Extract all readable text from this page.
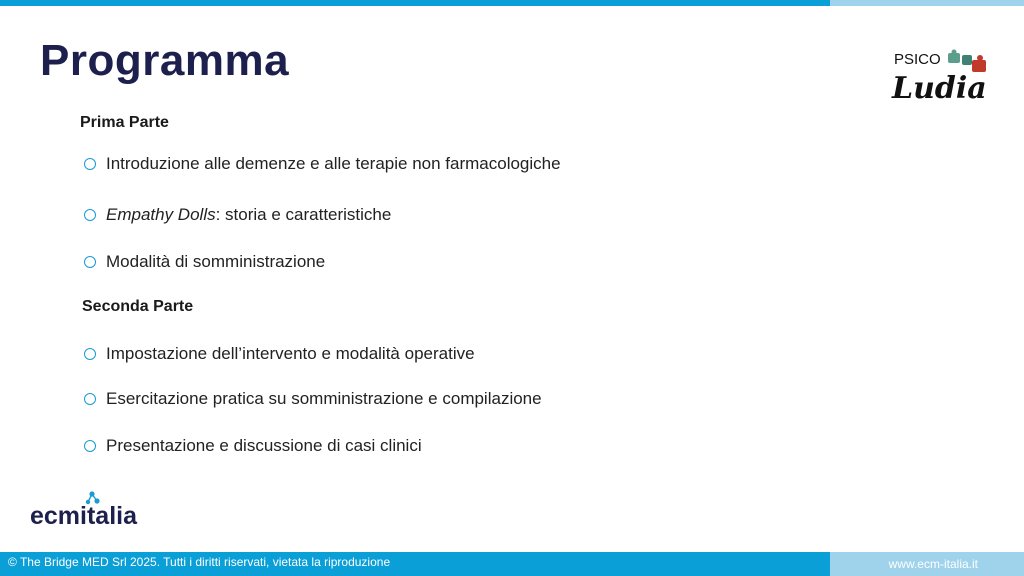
Programma	PSICO
Ludia
Prima Parte
Introduzione alle demenze e alle terapie non farmacologiche
Empathy Dolls : storia e caratteristiche
Modalità di somministrazione
Seconda Parte
Impostazione dell’intervento e modalità operative
Esercitazione pratica su somministrazione e compilazione
Presentazione e discussione di casi clinici
ecmitalia
© The Bridge MED Srl 2025. Tutti i diritti riservati, vietata la riproduzione	www.ecm-italia.it
